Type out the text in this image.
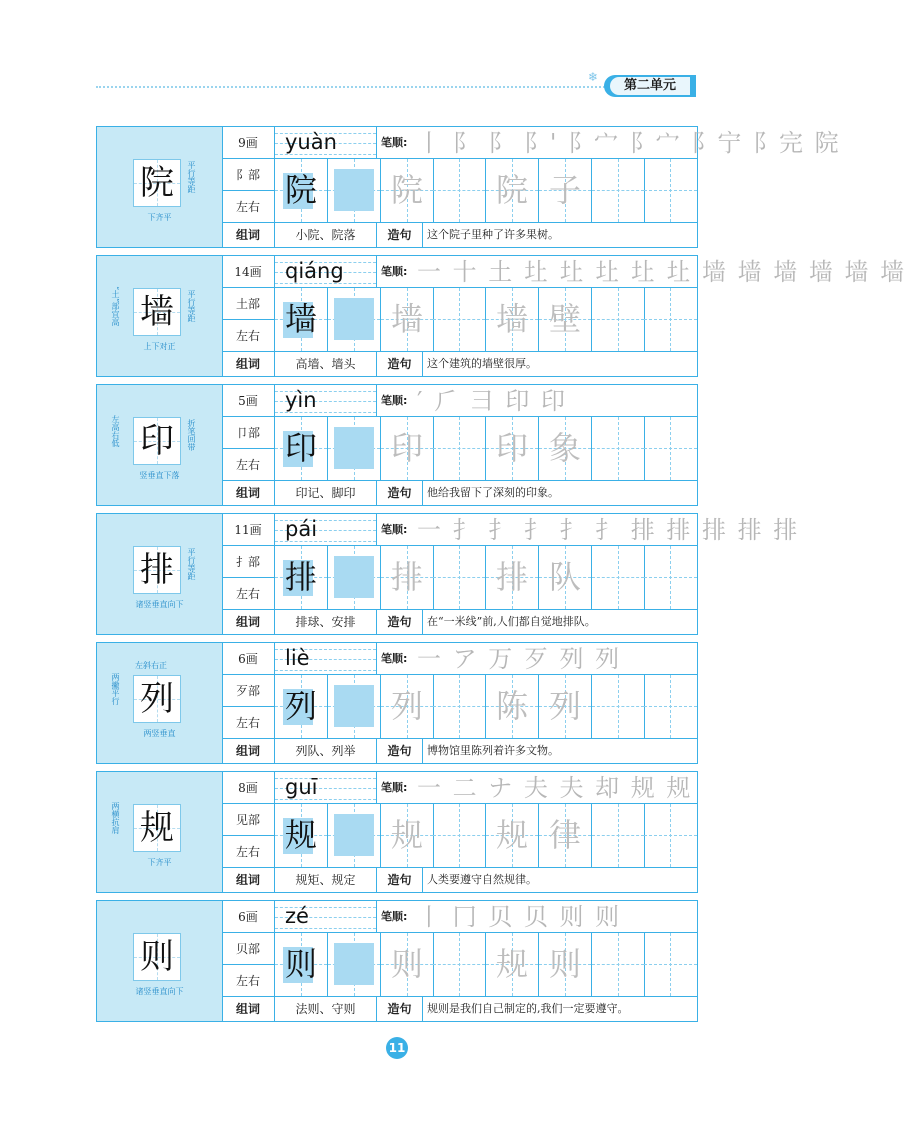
❄
第二单元
平行等距
下齐平
院
9画
阝部
左右
yuàn	笔顺: 丨 阝 阝 阝' 阝宀 阝宀 阝宁 阝完 院
院	院	院 子
组词	小院、院落	造句	这个院子里种了许多果树。
“土”部宜高	平行等距
上下对正
墙
14画
土部
左右
qiáng	笔顺: 一 十 土 圵 圵 圵 圵 圵 墙 墙 墙 墙 墙 墙
墙	墙	墙 壁
组词	高墙、墙头	造句	这个建筑的墙壁很厚。
左高右低	折笔回带
竖垂直下落
印
5画
卩部
左右
yìn	笔顺: ′ ⺁ ⺕ 印 印
印	印	印 象
组词	印记、脚印	造句	他给我留下了深刻的印象。
平行等距
诸竖垂直向下
排
11画
扌部
左右
pái	笔顺: 一 扌 扌 扌 扌 扌 排 排 排 排 排
排	排	排 队
组词	排球、安排	造句	在“一米线”前,人们都自觉地排队。
两撇平行
左斜右正
两竖垂直
列
6画
歹部
左右
liè	笔顺: 一 ア 万 歹 列 列
列	列	陈 列
组词	列队、列举	造句	博物馆里陈列着许多文物。
两横抗肩
下齐平
规
8画
见部
左右
guī	笔顺: 一 二 ナ 夫 夫 却 规 规
规	规	规 律
组词	规矩、规定	造句	人类要遵守自然规律。
诸竖垂直向下
则
6画
贝部
左右
zé	笔顺: 丨 冂 贝 贝 则 则
则	则	规 则
组词	法则、守则	造句	规则是我们自己制定的,我们一定要遵守。
11
